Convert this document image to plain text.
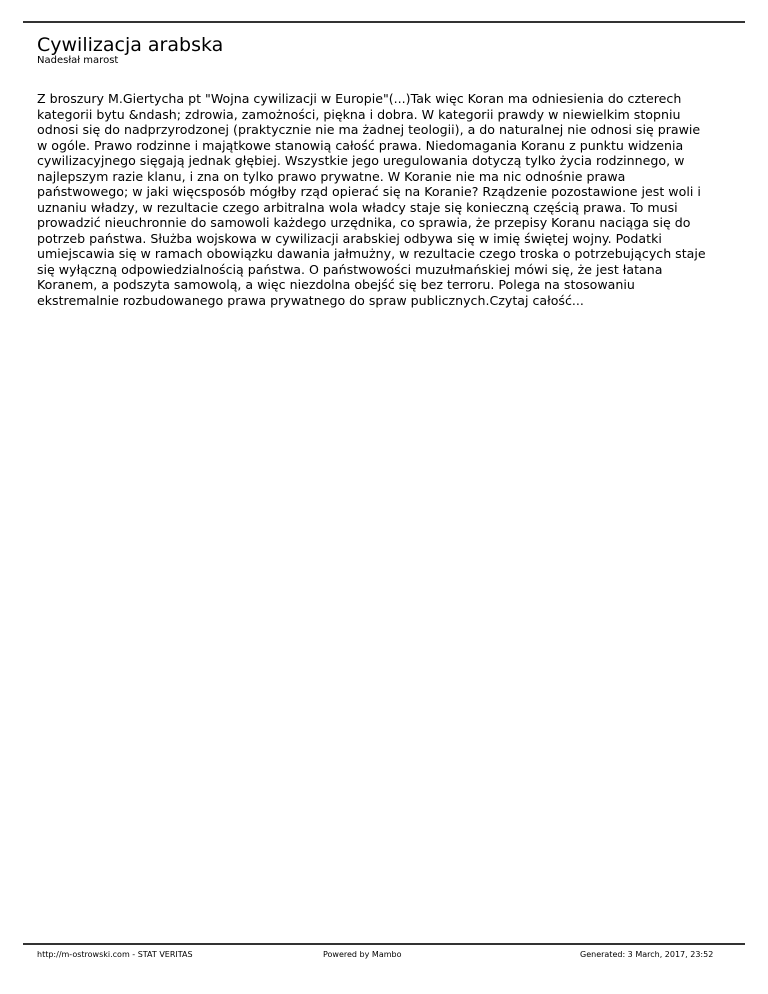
Cywilizacja arabska
Nadesłał marost
Z broszury M.Giertycha pt "Wojna cywilizacji w Europie"(...)Tak więc Koran ma odniesienia do czterech
kategorii bytu &ndash; zdrowia, zamożności, piękna i dobra. W kategorii prawdy w niewielkim stopniu
odnosi się do nadprzyrodzonej (praktycznie nie ma żadnej teologii), a do naturalnej nie odnosi się prawie
w ogóle. Prawo rodzinne i majątkowe stanowią całość prawa. Niedomagania Koranu z punktu widzenia
cywilizacyjnego sięgają jednak głębiej. Wszystkie jego uregulowania dotyczą tylko życia rodzinnego, w
najlepszym razie klanu, i zna on tylko prawo prywatne. W Koranie nie ma nic odnośnie prawa
państwowego; w jaki więcsposób mógłby rząd opierać się na Koranie? Rządzenie pozostawione jest woli i
uznaniu władzy, w rezultacie czego arbitralna wola władcy staje się konieczną częścią prawa. To musi
prowadzić nieuchronnie do samowoli każdego urzędnika, co sprawia, że przepisy Koranu naciąga się do
potrzeb państwa. Służba wojskowa w cywilizacji arabskiej odbywa się w imię świętej wojny. Podatki
umiejscawia się w ramach obowiązku dawania jałmużny, w rezultacie czego troska o potrzebujących staje
się wyłączną odpowiedzialnością państwa. O państwowości muzułmańskiej mówi się, że jest łatana
Koranem, a podszyta samowolą, a więc niezdolna obejść się bez terroru. Polega na stosowaniu
ekstremalnie rozbudowanego prawa prywatnego do spraw publicznych.Czytaj całość...
http://m-ostrowski.com - STAT VERITAS	Powered by Mambo	Generated: 3 March, 2017, 23:52
